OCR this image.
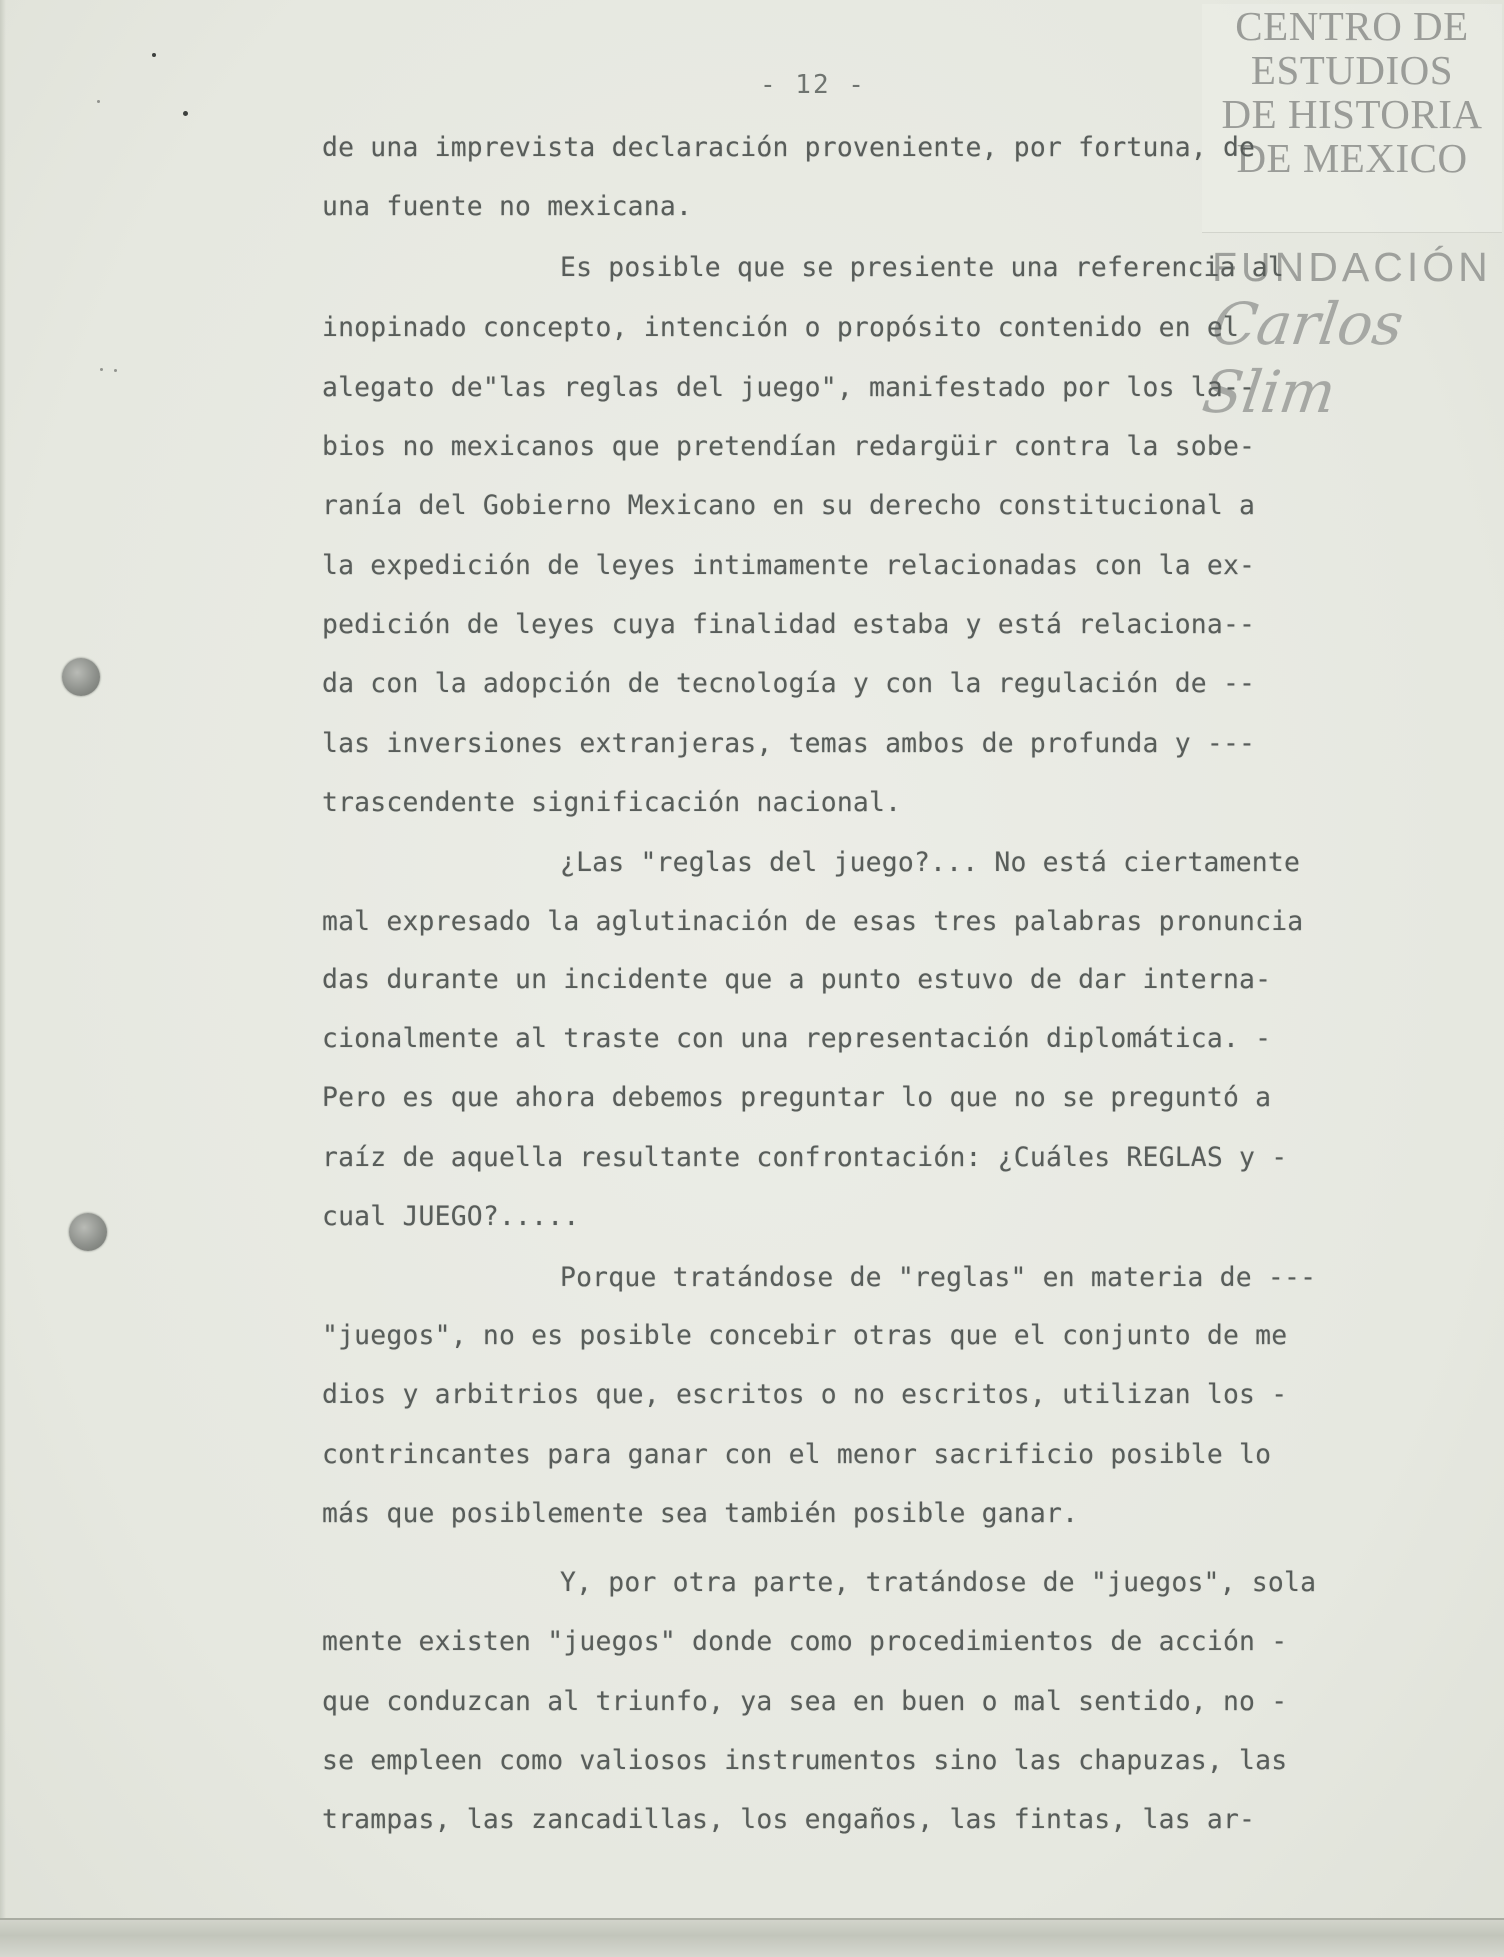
CENTRO DE
ESTUDIOS
DE HISTORIA
DE MEXICO
FUNDACIÓN
Carlos Slim
- 12 -
de una imprevista declaración proveniente, por fortuna, de
una fuente no mexicana.
Es posible que se presiente una referencia al
inopinado concepto, intención o propósito contenido en el
alegato de"las reglas del juego", manifestado por los la--
bios no mexicanos que pretendían redargüir contra la sobe-
ranía del Gobierno Mexicano en su derecho constitucional a
la expedición de leyes intimamente relacionadas con la ex-
pedición de leyes cuya finalidad estaba y está relaciona--
da con la adopción de tecnología y con la regulación de --
las inversiones extranjeras, temas ambos de profunda y ---
trascendente significación nacional.
¿Las "reglas del juego?... No está ciertamente
mal expresado la aglutinación de esas tres palabras pronuncia
das durante un incidente que a punto estuvo de dar interna-
cionalmente al traste con una representación diplomática. -
Pero es que ahora debemos preguntar lo que no se preguntó a
raíz de aquella resultante confrontación: ¿Cuáles REGLAS y -
cual JUEGO?.....
Porque tratándose de "reglas" en materia de ---
"juegos", no es posible concebir otras que el conjunto de me
dios y arbitrios que, escritos o no escritos, utilizan los -
contrincantes para ganar con el menor sacrificio posible lo
más que posiblemente sea también posible ganar.
Y, por otra parte, tratándose de "juegos", sola
mente existen "juegos" donde como procedimientos de acción -
que conduzcan al triunfo, ya sea en buen o mal sentido, no -
se empleen como valiosos instrumentos sino las chapuzas, las
trampas, las zancadillas, los engaños, las fintas, las ar-
